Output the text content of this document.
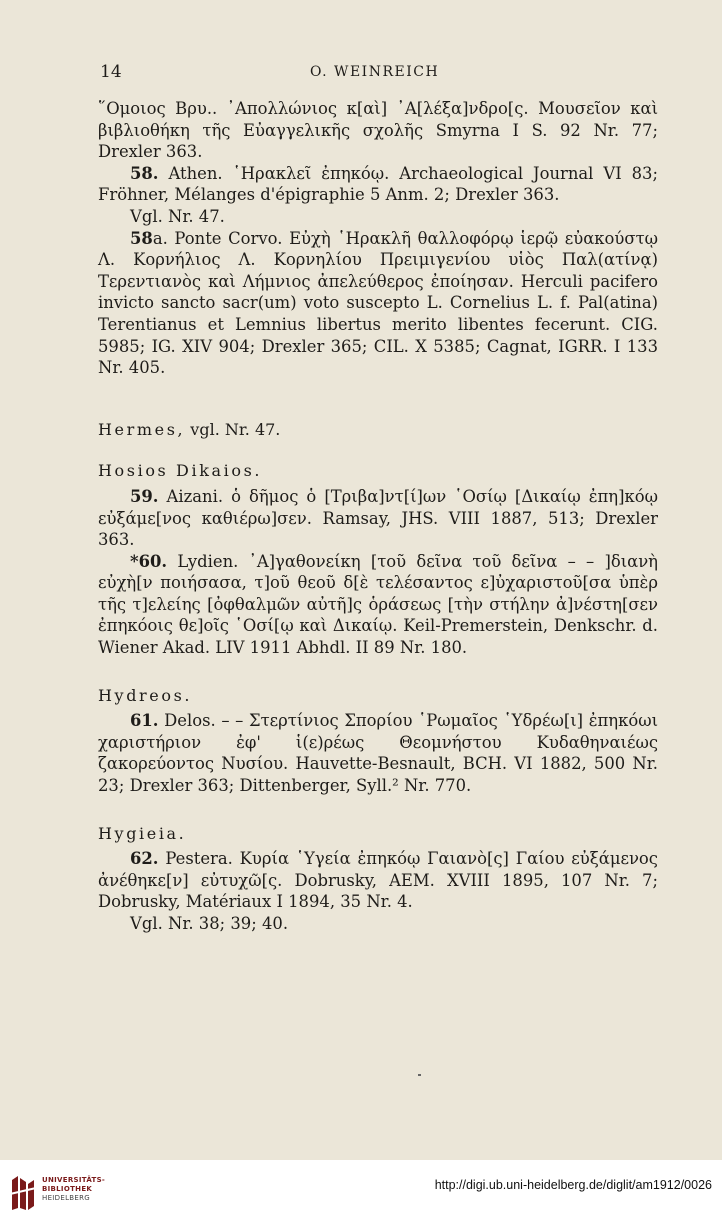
14	O. WEINREICH

῞Ομοιος Βρυ.. ᾿Απολλώνιος κ[αὶ] ᾿Α[λέξα]νδρο[ς. Μουσεῖον καὶ βιβλιοθήκη τῆς Εὐαγγελικῆς σχολῆς Smyrna I S. 92 Nr. 77; Drexler 363.

58. Athen. ῾Ηρακλεῖ ἐπηκόῳ. Archaeological Journal VI 83; Fröhner, Mélanges d'épigraphie 5 Anm. 2; Drexler 363.

Vgl. Nr. 47.

58a. Ponte Corvo. Εὐχὴ ῾Ηρακλῆ θαλλοφόρῳ ἱερῷ εὐακούστῳ Λ. Κορνήλιος Λ. Κορνηλίου Πρειμιγενίου υἱὸς Παλ(ατίνᾳ) Τερεντιανὸς καὶ Λήμνιος ἀπελεύθερος ἐποίησαν. Herculi pacifero invicto sancto sacr(um) voto suscepto L. Cornelius L. f. Pal(atina) Terentianus et Lemnius libertus merito libentes fecerunt. CIG. 5985; IG. XIV 904; Drexler 365; CIL. X 5385; Cagnat, IGRR. I 133 Nr. 405.

Hermes, vgl. Nr. 47.
Hosios Dikaios.

59. Aizani. ὁ δῆμος ὁ [Τριβα]ντ[ί]ων ῾Οσίῳ [Δικαίῳ ἐπη]κόῳ εὐξάμε[νος καθιέρω]σεν. Ramsay, JHS. VIII 1887, 513; Drexler 363.

*60. Lydien. ᾿Α]γαθονείκη [τοῦ δεῖνα τοῦ δεῖνα – – ]διανὴ εὐχὴ[ν ποιήσασα, τ]οῦ θεοῦ δ[ὲ τελέσαντος ε]ὐχαριστοῦ[σα ὑπὲρ τῆς τ]ελείης [ὀφθαλμῶν αὐτῆ]ς ὁράσεως [τὴν στήλην ἀ]νέστη[σεν ἐπηκόοις θε]οῖς ῾Οσί[ῳ καὶ Δικαίῳ. Keil-Premerstein, Denkschr. d. Wiener Akad. LIV 1911 Abhdl. II 89 Nr. 180.

Hydreos.

61. Delos. – – Στερτίνιος Σπορίου ῾Ρωμαῖος ῾Υδρέω[ι] ἐπηκόωι χαριστήριον ἐφ' ἱ(ε)ρέως Θεομνήστου Κυδαθηναιέως ζακορεύοντος Νυσίου. Hauvette-Besnault, BCH. VI 1882, 500 Nr. 23; Drexler 363; Dittenberger, Syll.² Nr. 770.

Hygieia.

62. Pestera. Κυρία ῾Υγεία ἐπηκόῳ Γαιανὸ[ς] Γαίου εὐξάμενος ἀνέθηκε[ν] εὐτυχῶ[ς. Dobrusky, ΑΕΜ. XVIII 1895, 107 Nr. 7; Dobrusky, Matériaux I 1894, 35 Nr. 4.

Vgl. Nr. 38; 39; 40.

UNIVERSITÄTS-
BIBLIOTHEK
HEIDELBERG
http://digi.ub.uni-heidelberg.de/diglit/am1912/0026
